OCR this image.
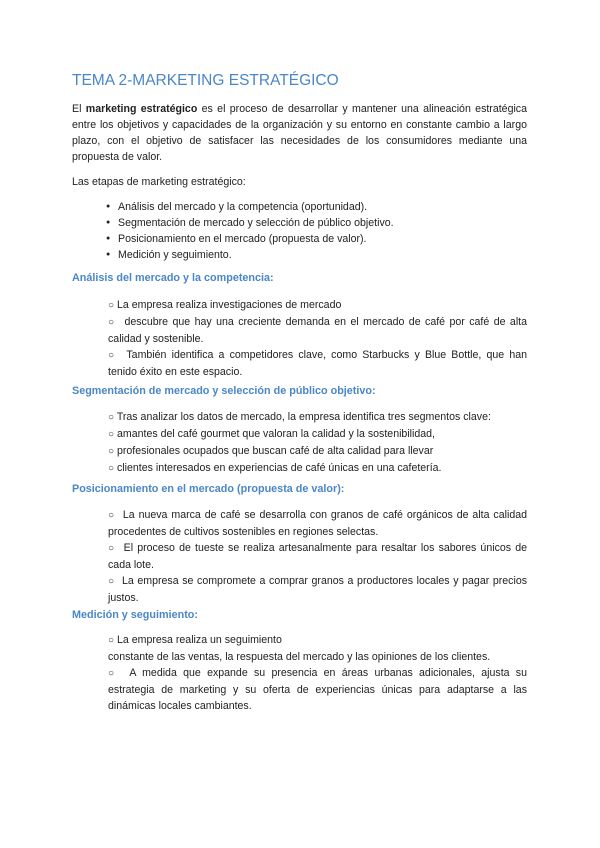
TEMA 2-MARKETING ESTRATÉGICO

El marketing estratégico es el proceso de desarrollar y mantener una alineación estratégica entre los objetivos y capacidades de la organización y su entorno en constante cambio a largo plazo, con el objetivo de satisfacer las necesidades de los consumidores mediante una propuesta de valor.

Las etapas de marketing estratégico:

● Análisis del mercado y la competencia (oportunidad).
● Segmentación de mercado y selección de público objetivo.
● Posicionamiento en el mercado (propuesta de valor).
● Medición y seguimiento.
Análisis del mercado y la competencia:

○ La empresa realiza investigaciones de mercado

○ descubre que hay una creciente demanda en el mercado de café por café de alta calidad y sostenible.

○ También identifica a competidores clave, como Starbucks y Blue Bottle, que han tenido éxito en este espacio.

Segmentación de mercado y selección de público objetivo:

○ Tras analizar los datos de mercado, la empresa identifica tres segmentos clave:

○ amantes del café gourmet que valoran la calidad y la sostenibilidad,

○ profesionales ocupados que buscan café de alta calidad para llevar

○ clientes interesados en experiencias de café únicas en una cafetería.

Posicionamiento en el mercado (propuesta de valor):

○ La nueva marca de café se desarrolla con granos de café orgánicos de alta calidad procedentes de cultivos sostenibles en regiones selectas.

○ El proceso de tueste se realiza artesanalmente para resaltar los sabores únicos de cada lote.

○ La empresa se compromete a comprar granos a productores locales y pagar precios justos.

Medición y seguimiento:

○ La empresa realiza un seguimiento

constante de las ventas, la respuesta del mercado y las opiniones de los clientes.

○ A medida que expande su presencia en áreas urbanas adicionales, ajusta su estrategia de marketing y su oferta de experiencias únicas para adaptarse a las dinámicas locales cambiantes.
